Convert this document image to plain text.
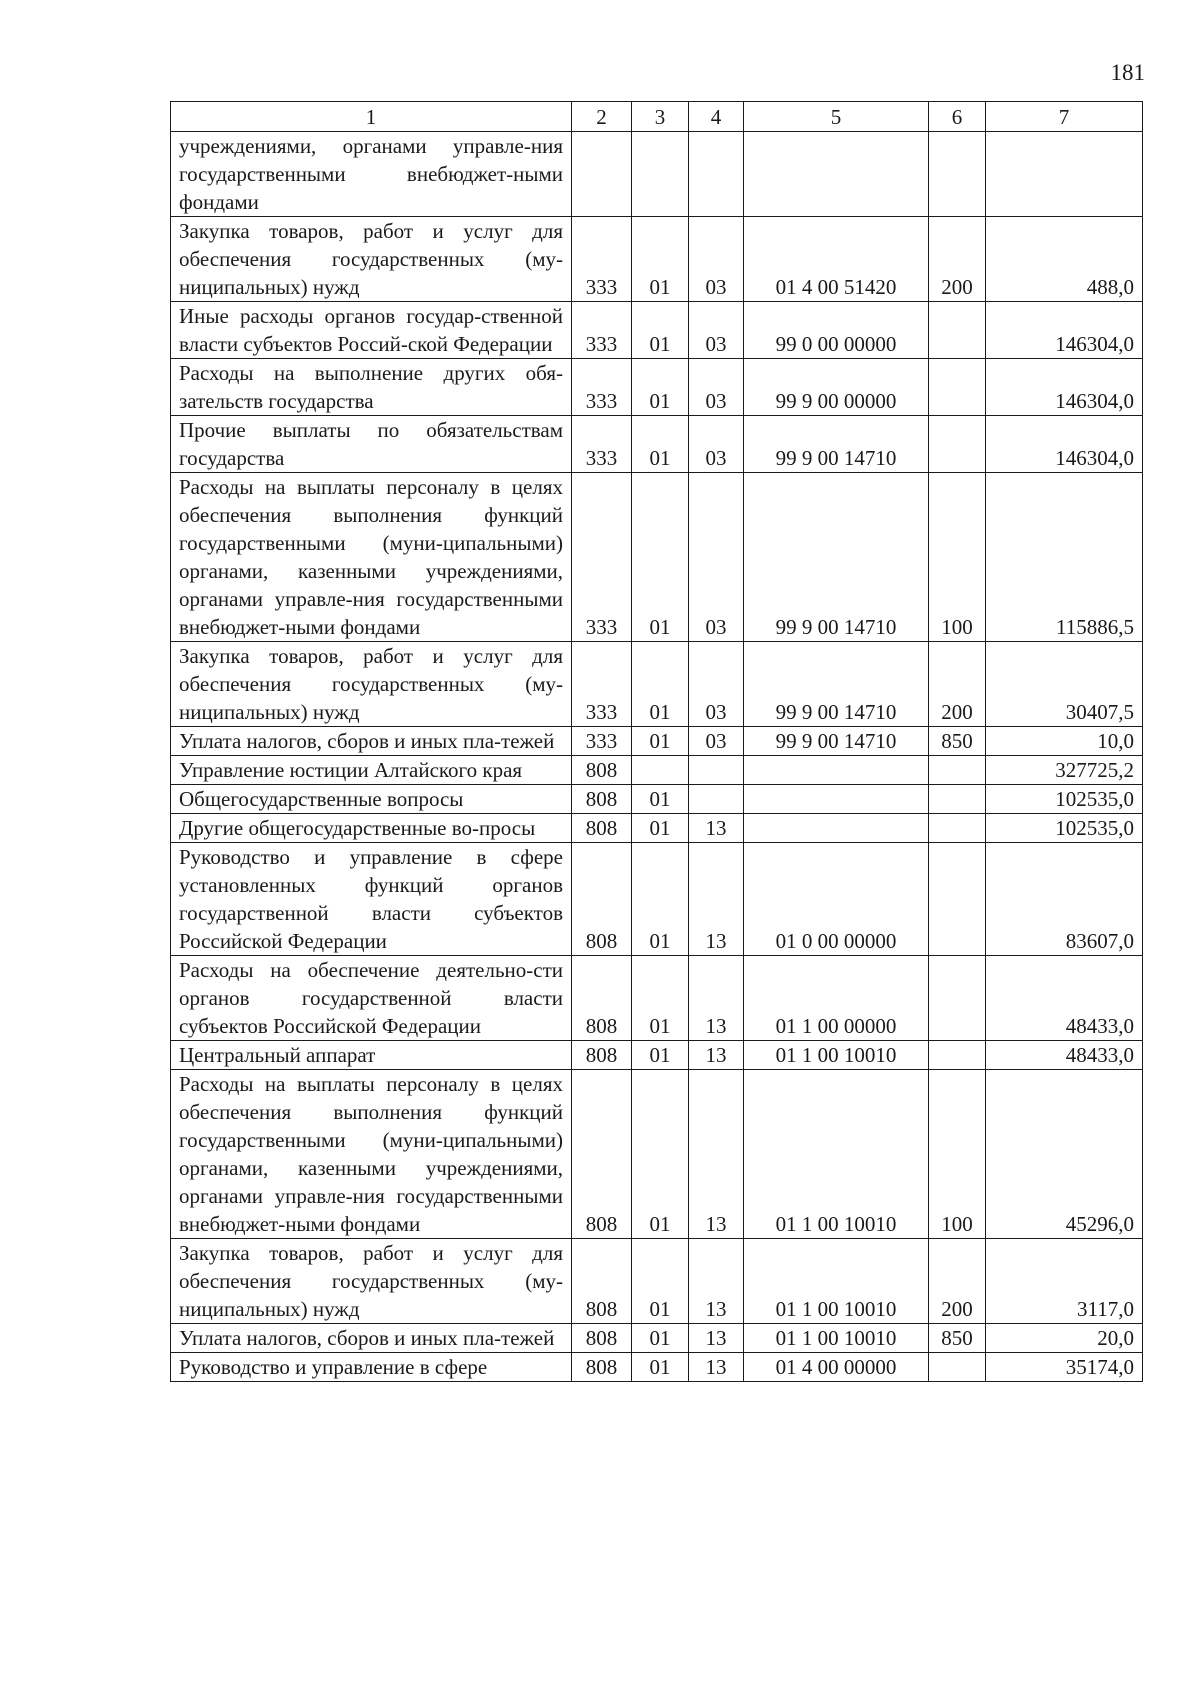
181
1	2	3	4	5	6	7
учреждениями, органами управле-ния государственными внебюджет-ными фондами						
Закупка товаров, работ и услуг для обеспечения государственных (му-ниципальных) нужд	333	01	03	01 4 00 51420	200	488,0
Иные расходы органов государ-ственной власти субъектов Россий-ской Федерации	333	01	03	99 0 00 00000		146304,0
Расходы на выполнение других обя-зательств государства	333	01	03	99 9 00 00000		146304,0
Прочие выплаты по обязательствам государства	333	01	03	99 9 00 14710		146304,0
Расходы на выплаты персоналу в целях обеспечения выполнения функций государственными (муни-ципальными) органами, казенными учреждениями, органами управле-ния государственными внебюджет-ными фондами	333	01	03	99 9 00 14710	100	115886,5
Закупка товаров, работ и услуг для обеспечения государственных (му-ниципальных) нужд	333	01	03	99 9 00 14710	200	30407,5
Уплата налогов, сборов и иных пла-тежей	333	01	03	99 9 00 14710	850	10,0
Управление юстиции Алтайского края	808					327725,2
Общегосударственные вопросы	808	01				102535,0
Другие общегосударственные во-просы	808	01	13			102535,0
Руководство и управление в сфере установленных функций органов государственной власти субъектов Российской Федерации	808	01	13	01 0 00 00000		83607,0
Расходы на обеспечение деятельно-сти органов государственной власти субъектов Российской Федерации	808	01	13	01 1 00 00000		48433,0
Центральный аппарат	808	01	13	01 1 00 10010		48433,0
Расходы на выплаты персоналу в целях обеспечения выполнения функций государственными (муни-ципальными) органами, казенными учреждениями, органами управле-ния государственными внебюджет-ными фондами	808	01	13	01 1 00 10010	100	45296,0
Закупка товаров, работ и услуг для обеспечения государственных (му-ниципальных) нужд	808	01	13	01 1 00 10010	200	3117,0
Уплата налогов, сборов и иных пла-тежей	808	01	13	01 1 00 10010	850	20,0
Руководство и управление в сфере	808	01	13	01 4 00 00000		35174,0
